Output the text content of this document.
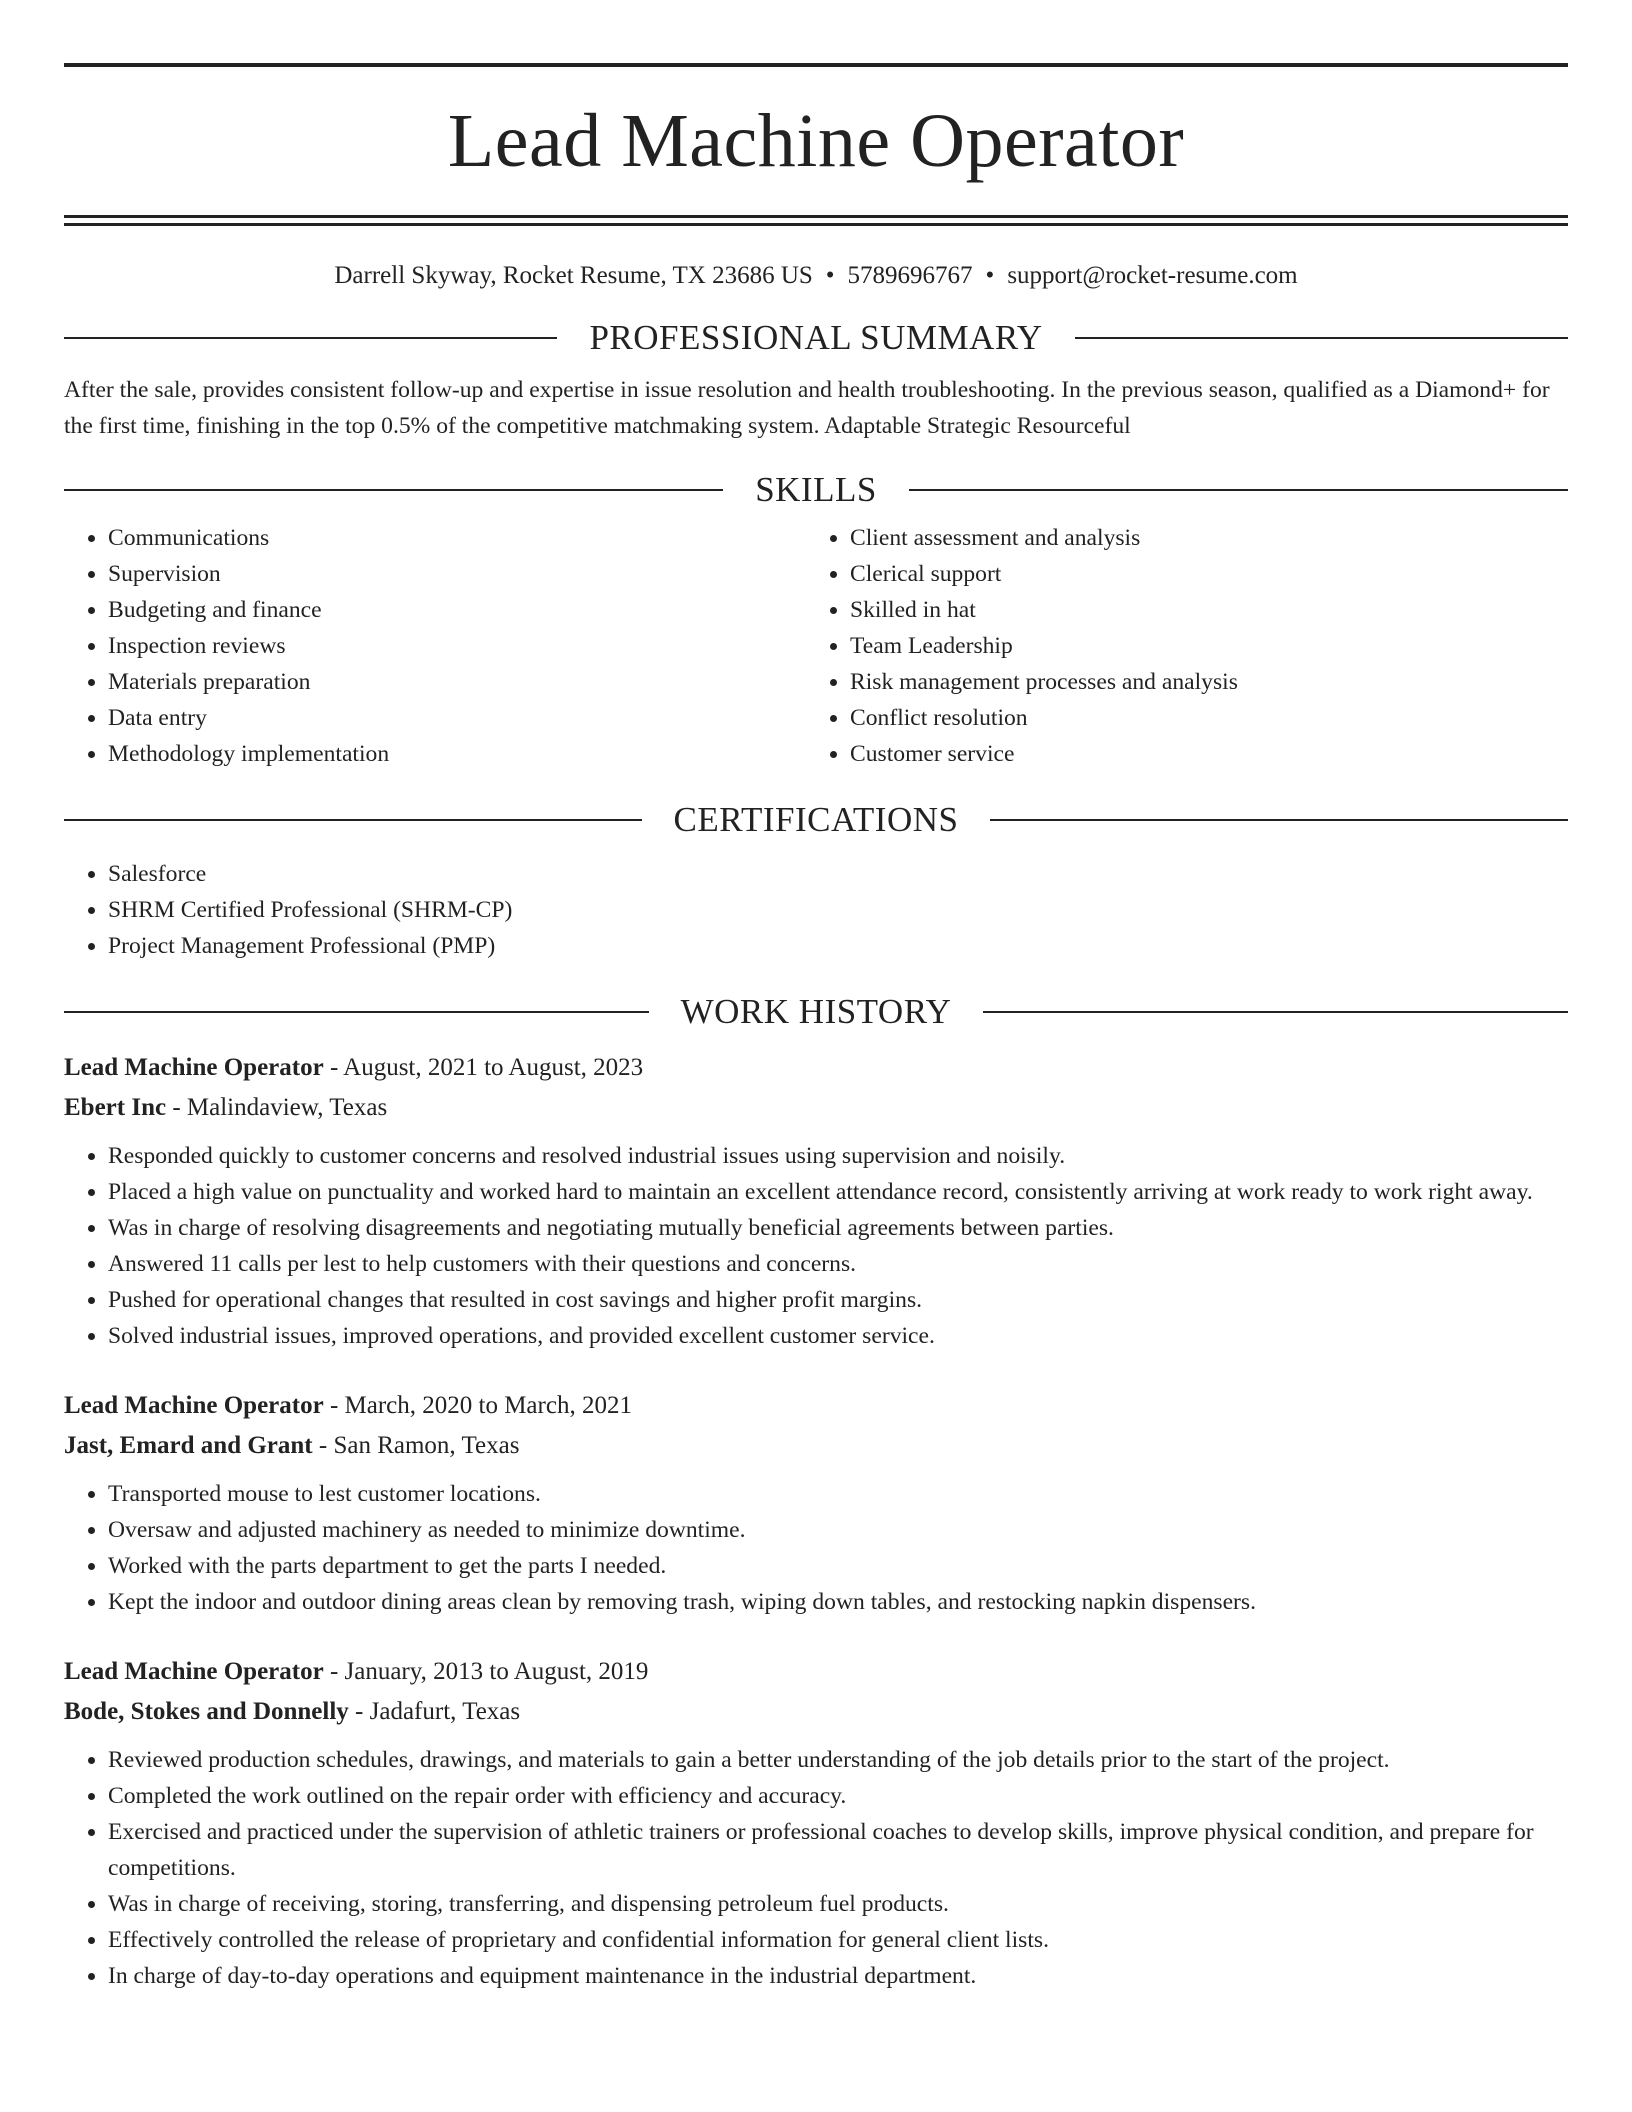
Lead Machine Operator
Darrell Skyway, Rocket Resume, TX 23686 US • 5789696767 • support@rocket-resume.com
PROFESSIONAL SUMMARY

After the sale, provides consistent follow-up and expertise in issue resolution and health troubleshooting. In the previous season, qualified as a Diamond+ for the first time, finishing in the top 0.5% of the competitive matchmaking system. Adaptable Strategic Resourceful

SKILLS
• Communications
• Supervision
• Budgeting and finance
• Inspection reviews
• Materials preparation
• Data entry
• Methodology implementation
• Client assessment and analysis
• Clerical support
• Skilled in hat
• Team Leadership
• Risk management processes and analysis
• Conflict resolution
• Customer service
CERTIFICATIONS
• Salesforce
• SHRM Certified Professional (SHRM-CP)
• Project Management Professional (PMP)
WORK HISTORY
Lead Machine Operator - August, 2021 to August, 2023
Ebert Inc - Malindaview, Texas
• Responded quickly to customer concerns and resolved industrial issues using supervision and noisily.
• Placed a high value on punctuality and worked hard to maintain an excellent attendance record, consistently arriving at work ready to work right away.
• Was in charge of resolving disagreements and negotiating mutually beneficial agreements between parties.
• Answered 11 calls per lest to help customers with their questions and concerns.
• Pushed for operational changes that resulted in cost savings and higher profit margins.
• Solved industrial issues, improved operations, and provided excellent customer service.
Lead Machine Operator - March, 2020 to March, 2021
Jast, Emard and Grant - San Ramon, Texas
• Transported mouse to lest customer locations.
• Oversaw and adjusted machinery as needed to minimize downtime.
• Worked with the parts department to get the parts I needed.
• Kept the indoor and outdoor dining areas clean by removing trash, wiping down tables, and restocking napkin dispensers.
Lead Machine Operator - January, 2013 to August, 2019
Bode, Stokes and Donnelly - Jadafurt, Texas
• Reviewed production schedules, drawings, and materials to gain a better understanding of the job details prior to the start of the project.
• Completed the work outlined on the repair order with efficiency and accuracy.
• Exercised and practiced under the supervision of athletic trainers or professional coaches to develop skills, improve physical condition, and prepare for competitions.
• Was in charge of receiving, storing, transferring, and dispensing petroleum fuel products.
• Effectively controlled the release of proprietary and confidential information for general client lists.
• In charge of day-to-day operations and equipment maintenance in the industrial department.
